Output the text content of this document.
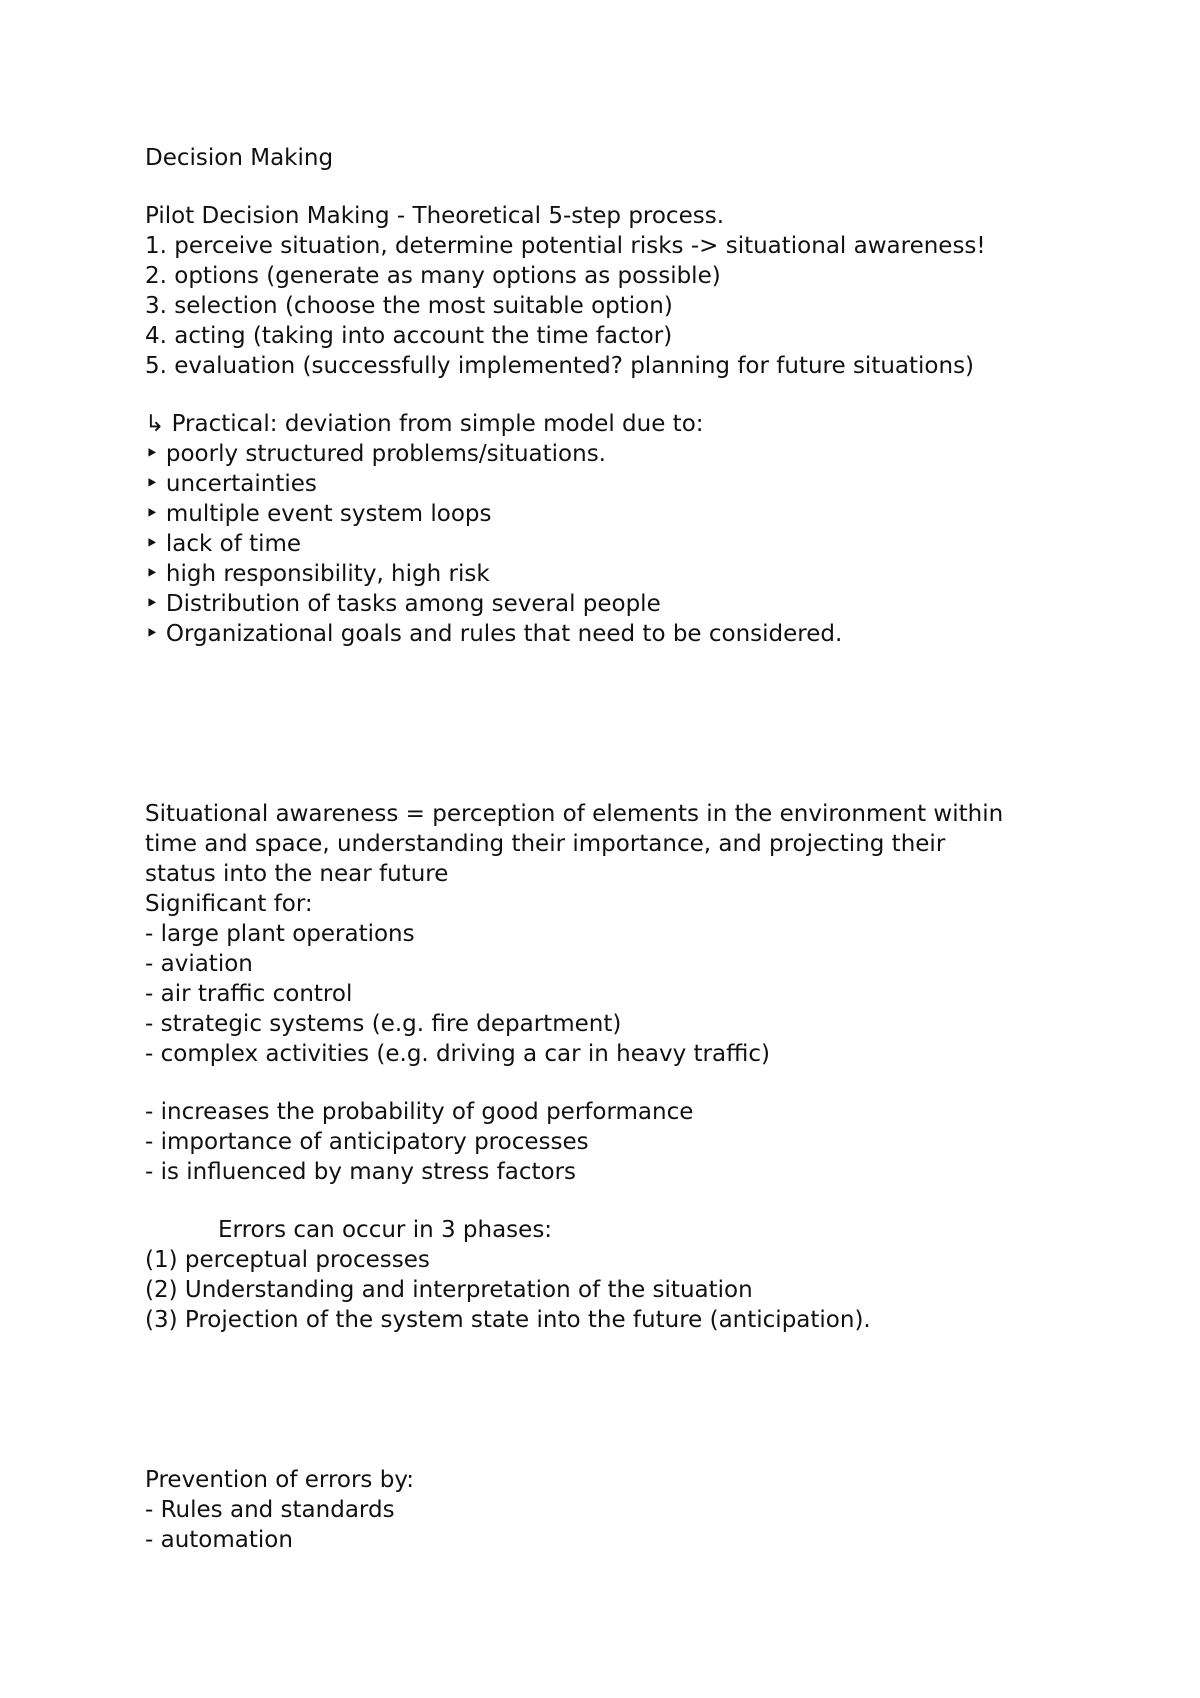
Decision Making
Pilot Decision Making - Theoretical 5-step process.
1. perceive situation, determine potential risks -> situational awareness!
2. options (generate as many options as possible)
3. selection (choose the most suitable option)
4. acting (taking into account the time factor)
5. evaluation (successfully implemented? planning for future situations)
↳ Practical: deviation from simple model due to:
‣ poorly structured problems/situations.
‣ uncertainties
‣ multiple event system loops
‣ lack of time
‣ high responsibility, high risk
‣ Distribution of tasks among several people
‣ Organizational goals and rules that need to be considered.
Situational awareness = perception of elements in the environment within
time and space, understanding their importance, and projecting their
status into the near future
Significant for:
- large plant operations
- aviation
- air traffic control
- strategic systems (e.g. fire department)
- complex activities (e.g. driving a car in heavy traffic)
- increases the probability of good performance
- importance of anticipatory processes
- is influenced by many stress factors
Errors can occur in 3 phases:
(1) perceptual processes
(2) Understanding and interpretation of the situation
(3) Projection of the system state into the future (anticipation).
Prevention of errors by:
- Rules and standards
- automation
